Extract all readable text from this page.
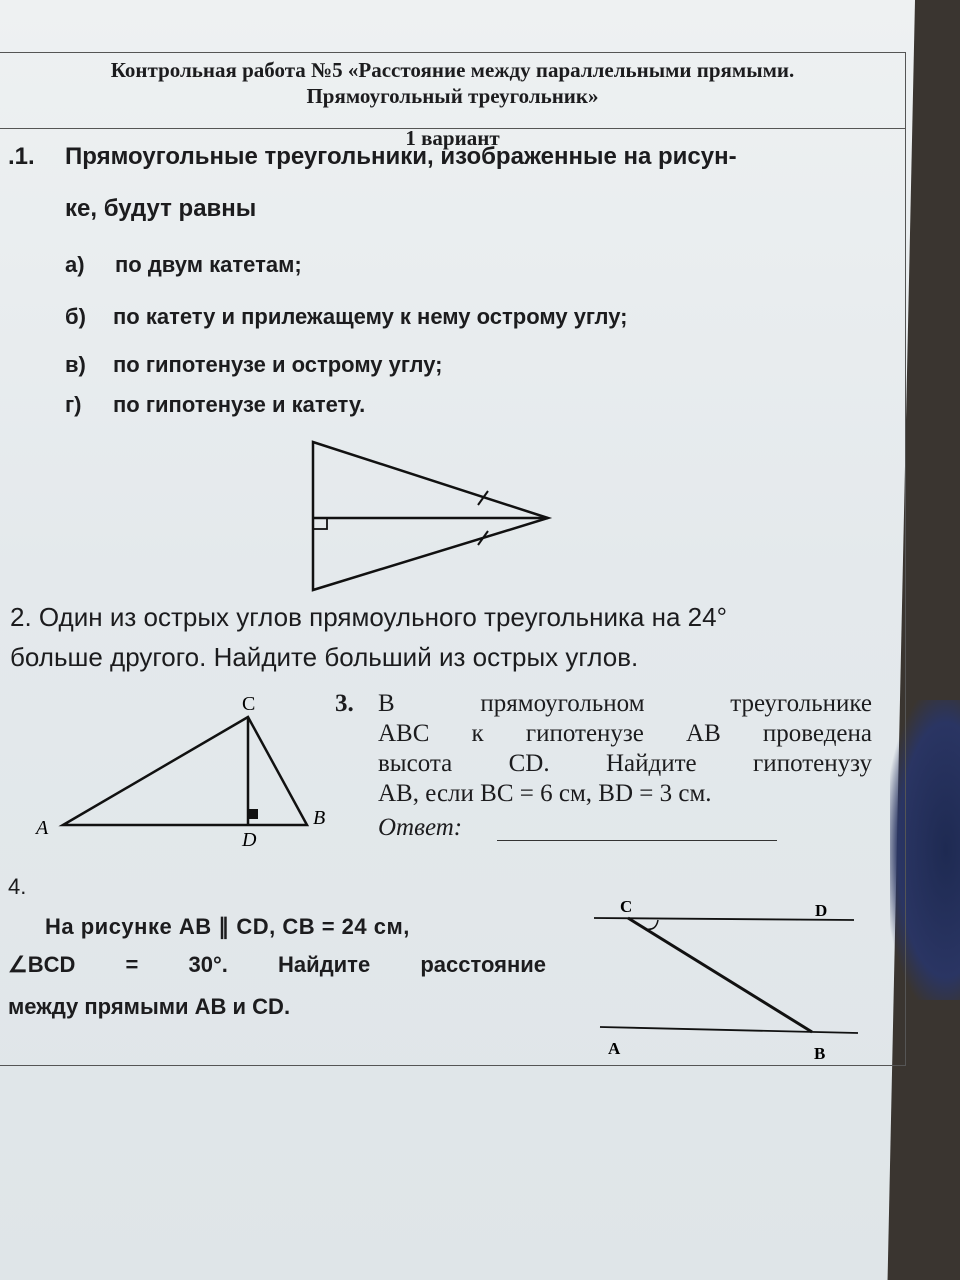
Контрольная работа №5 «Расстояние между параллельными прямыми.
Прямоугольный треугольник»
1 вариант
.1. Прямоугольные треугольники, изображенные на рисун-
ке, будут равны
а) по двум катетам;
б) по катету и прилежащему к нему острому углу;
в) по гипотенузе и острому углу;
г) по гипотенузе и катету.
2. Один из острых углов прямоульного треугольника на 24°
больше другого. Найдите больший из острых углов.
3. В прямоугольном треугольнике
ABC к гипотенузе AB проведена
высота CD. Найдите гипотенузу
AB, если BC = 6 см, BD = 3 см.
Ответ:
4.
На рисунке AB ∥ CD, CB = 24 см,
∠BCD = 30°. Найдите расстояние
между прямыми AB и CD.
C
A
D
B
C	D
A	B
